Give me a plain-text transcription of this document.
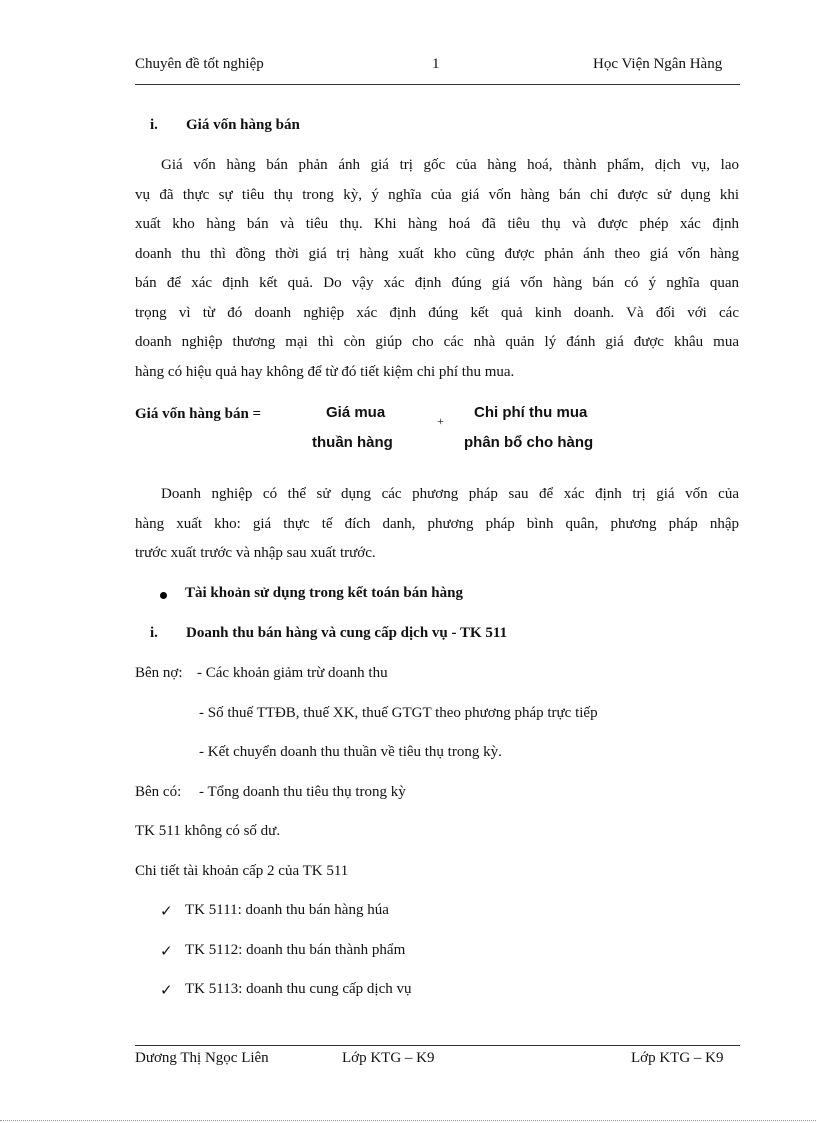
Chuyên đề tốt nghiệp	1	Học Viện Ngân Hàng
i. Giá vốn hàng bán
Giá vốn hàng bán phản ánh giá trị gốc của hàng hoá, thành phẩm, dịch vụ, lao
vụ đã thực sự tiêu thụ trong kỳ, ý nghĩa của giá vốn hàng bán chỉ được sử dụng khi
xuất kho hàng bán và tiêu thụ. Khi hàng hoá đã tiêu thụ và được phép xác định
doanh thu thì đồng thời giá trị hàng xuất kho cũng được phản ánh theo giá vốn hàng
bán để xác định kết quả. Do vậy xác định đúng giá vốn hàng bán có ý nghĩa quan
trọng vì từ đó doanh nghiệp xác định đúng kết quả kinh doanh. Và đối với các
doanh nghiệp thương mại thì còn giúp cho các nhà quản lý đánh giá được khâu mua
hàng có hiệu quả hay không để từ đó tiết kiệm chi phí thu mua.
Giá vốn hàng bán =	Giá mua
thuần hàng
+ Chi phí thu mua
phân bổ cho hàng
Doanh nghiệp có thể sử dụng các phương pháp sau để xác định trị giá vốn của
hàng xuất kho: giá thực tế đích danh, phương pháp bình quân, phương pháp nhập
trước xuất trước và nhập sau xuất trước.
Tài khoản sử dụng trong kết toán bán hàng
i. Doanh thu bán hàng và cung cấp dịch vụ - TK 511
Bên nợ: - Các khoản giảm trừ doanh thu
- Số thuế TTĐB, thuế XK, thuế GTGT theo phương pháp trực tiếp
- Kết chuyển doanh thu thuần về tiêu thụ trong kỳ.
Bên có: - Tổng doanh thu tiêu thụ trong kỳ
TK 511 không có số dư.
Chi tiết tài khoản cấp 2 của TK 511
✓ TK 5111: doanh thu bán hàng húa
✓ TK 5112: doanh thu bán thành phẩm
✓ TK 5113: doanh thu cung cấp dịch vụ
Dương Thị Ngọc Liên	Lớp KTG – K9	Lớp KTG – K9
